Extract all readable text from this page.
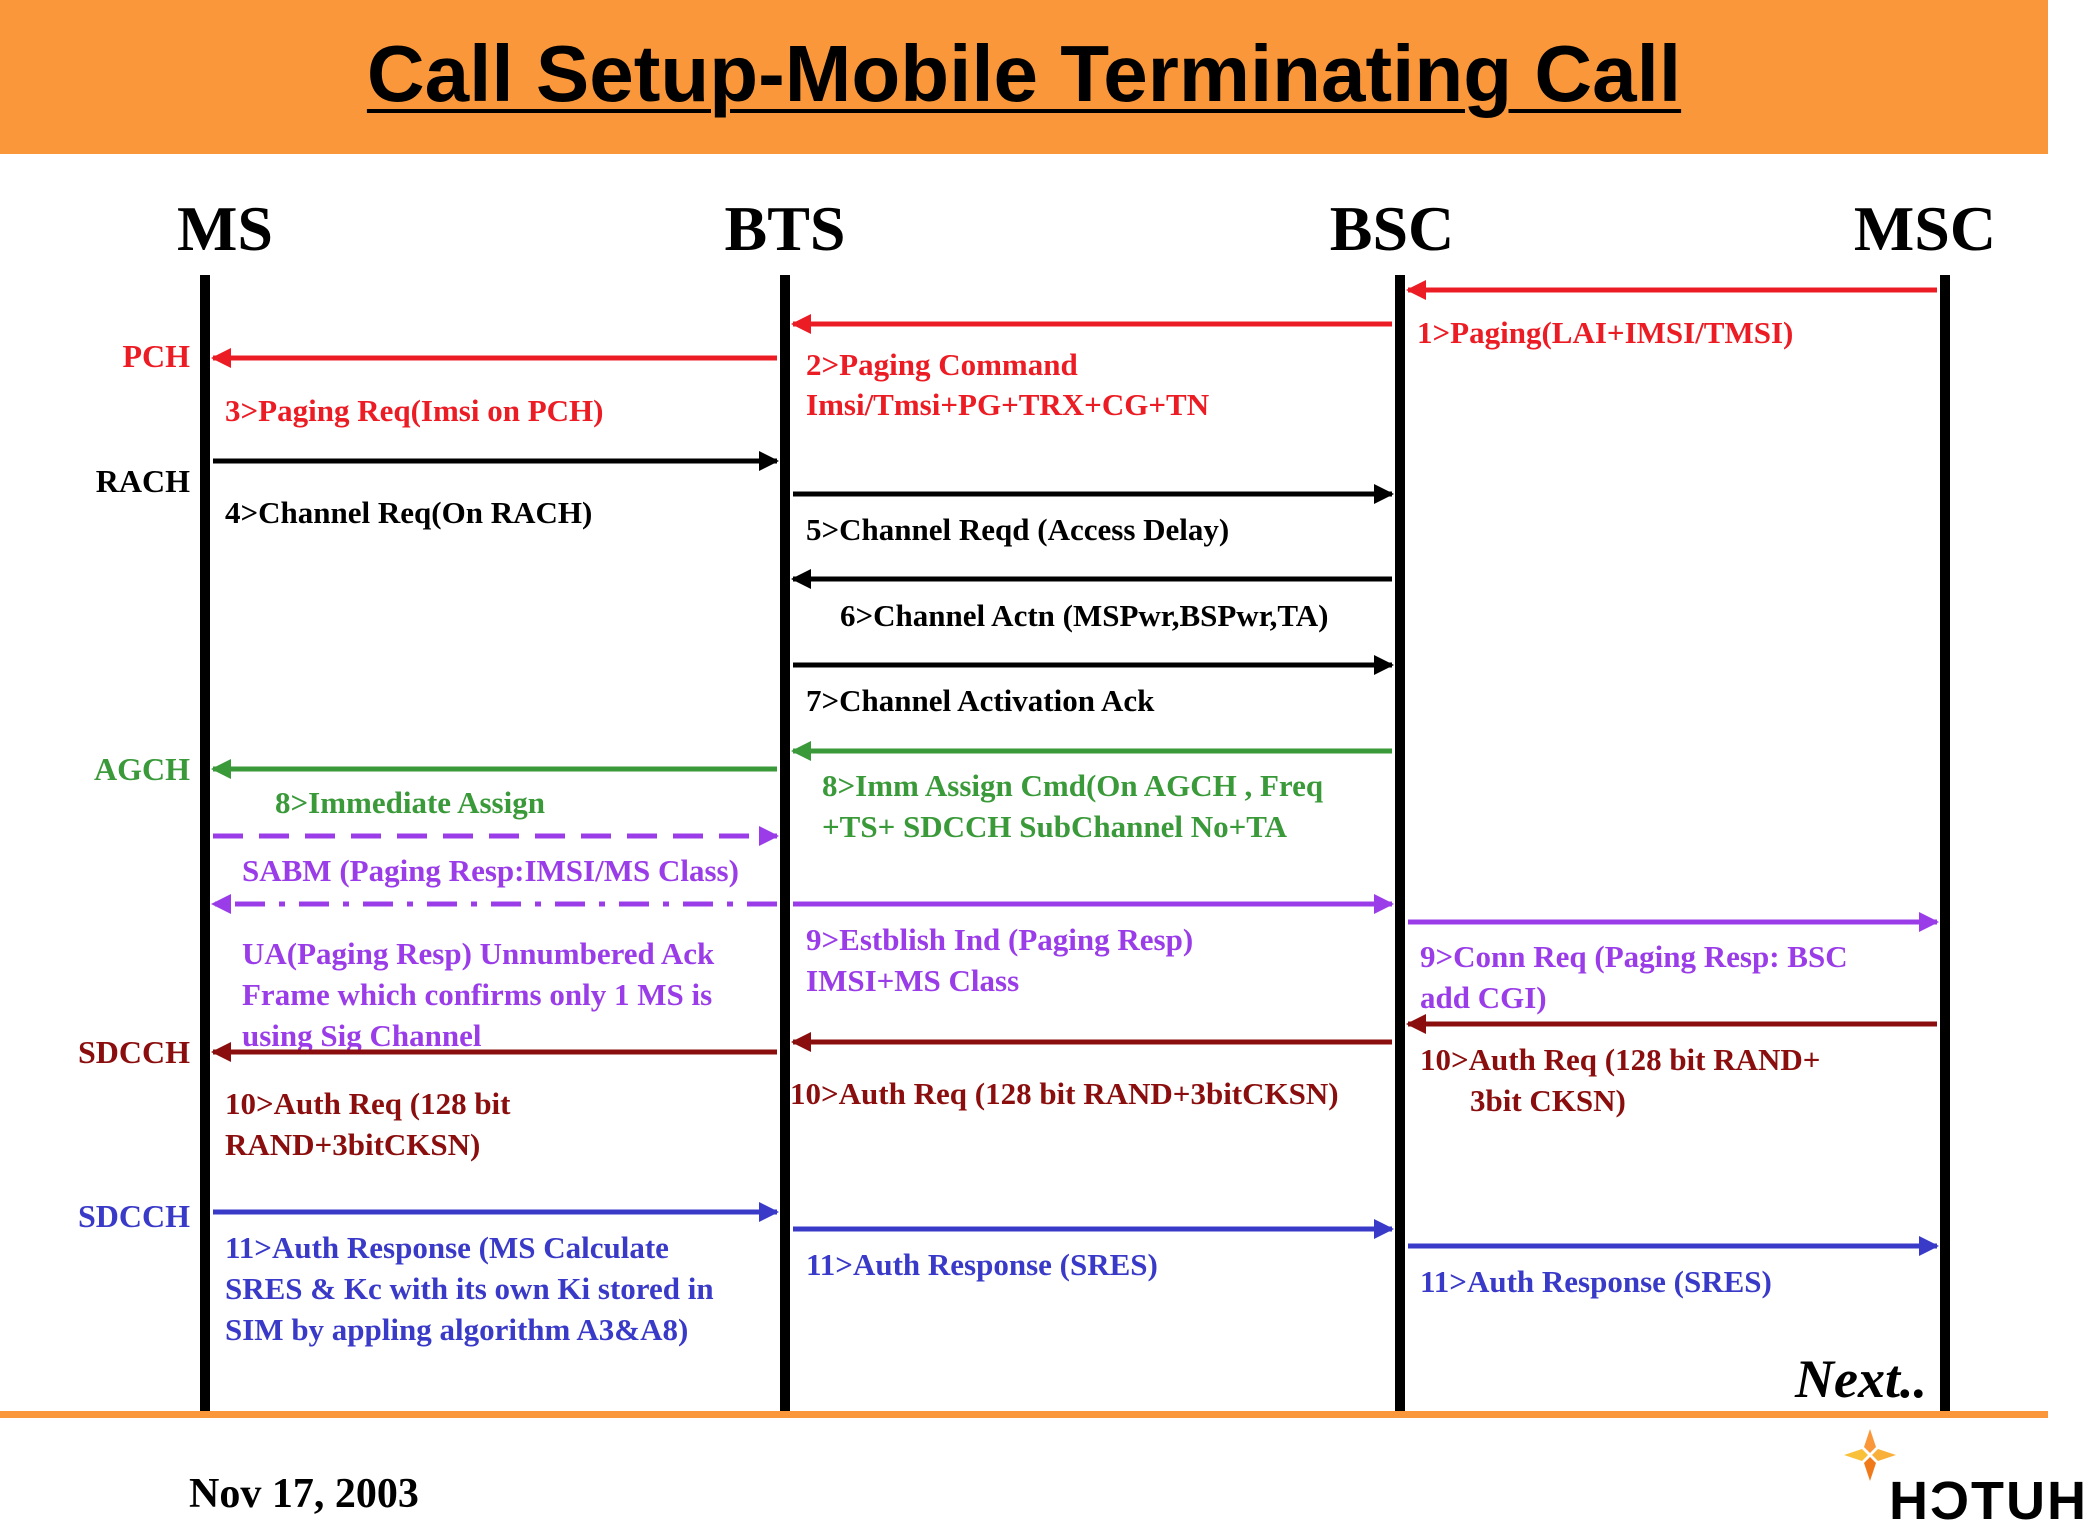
Call Setup-Mobile Terminating Call
MS	BTS	BSC	MSC
PCH
RACH
AGCH
SDCCH
SDCCH
1>Paging(LAI+IMSI/TMSI)
2>Paging Command
Imsi/Tmsi+PG+TRX+CG+TN
3>Paging Req(Imsi on PCH)
4>Channel Req(On RACH)	5>Channel Reqd (Access Delay)
6>Channel Actn (MSPwr,BSPwr,TA)
7>Channel Activation Ack
8>Imm Assign Cmd(On AGCH , Freq
+TS+ SDCCH SubChannel No+TA
8>Immediate Assign
SABM (Paging Resp:IMSI/MS Class)
UA(Paging Resp) Unnumbered Ack
Frame which confirms only 1 MS is
using Sig Channel
9>Estblish Ind (Paging Resp)
IMSI+MS Class
9>Conn Req (Paging Resp: BSC
add CGI)
10>Auth Req (128 bit RAND+
3bit CKSN)
10>Auth Req (128 bit RAND+3bitCKSN)
10>Auth Req (128 bit
RAND+3bitCKSN)
11>Auth Response (MS Calculate
SRES & Kc with its own Ki stored in
SIM by appling algorithm A3&A8)
11>Auth Response (SRES)	11>Auth Response (SRES)
Nov 17, 2003
Next..
HUTCH
